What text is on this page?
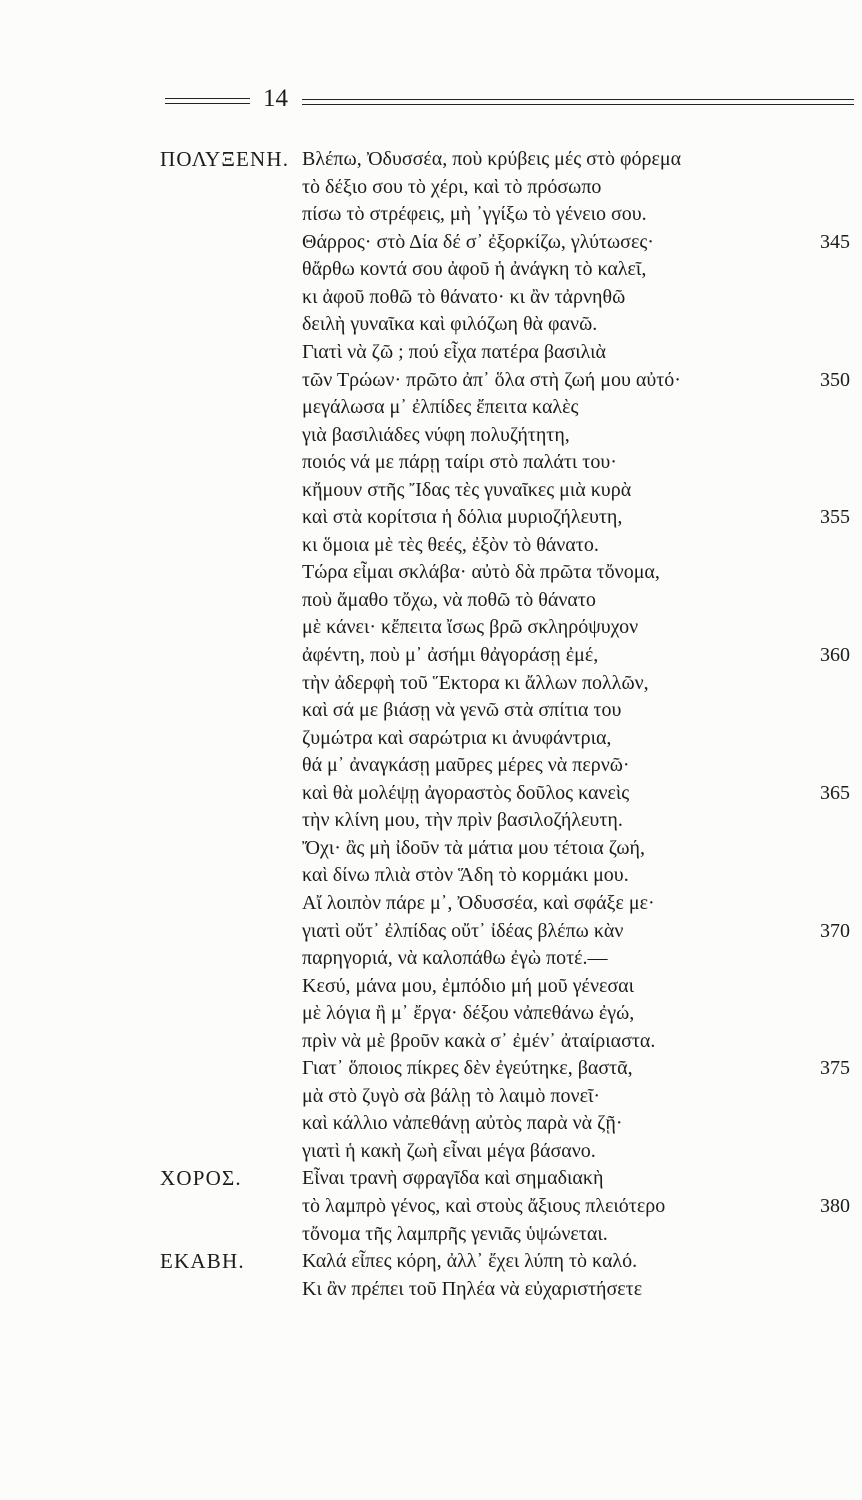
14
ΠΟΛΥΞΕΝΗ. Βλέπω, Ὀδυσσέα, ποὺ κρύβεις μές στὸ φόρεμα
τὸ δέξιο σου τὸ χέρι, καὶ τὸ πρόσωπο
πίσω τὸ στρέφεις, μὴ ᾽γγίξω τὸ γένειο σου.
Θάρρος· στὸ Δία δέ σ᾽ ἐξορκίζω, γλύτωσες·	345
θἄρθω κοντά σου ἀφοῦ ἡ ἀνάγκη τὸ καλεῖ,
κι ἀφοῦ ποθῶ τὸ θάνατο· κι ἂν τἀρνηθῶ
δειλὴ γυναῖκα καὶ φιλόζωη θὰ φανῶ.
Γιατὶ νὰ ζῶ ; πού εἶχα πατέρα βασιλιὰ
τῶν Τρώων· πρῶτο ἀπ᾽ ὅλα στὴ ζωή μου αὐτό·	350
μεγάλωσα μ᾽ ἐλπίδες ἔπειτα καλὲς
γιὰ βασιλιάδες νύφη πολυζήτητη,
ποιός νά με πάρῃ ταίρι στὸ παλάτι του·
κἤμουν στῆς Ἴδας τὲς γυναῖκες μιὰ κυρὰ
καὶ στὰ κορίτσια ἡ δόλια μυριοζήλευτη,	355
κι ὅμοια μὲ τὲς θεές, ἐξὸν τὸ θάνατο.
Τώρα εἶμαι σκλάβα· αὐτὸ δὰ πρῶτα τὄνομα,
ποὺ ἄμαθο τὄχω, νὰ ποθῶ τὸ θάνατο
μὲ κάνει· κἔπειτα ἴσως βρῶ σκληρόψυχον
ἀφέντη, ποὺ μ᾽ ἀσήμι θἀγοράσῃ ἐμέ,	360
τὴν ἀδερφὴ τοῦ Ἕκτορα κι ἄλλων πολλῶν,
καὶ σά με βιάσῃ νὰ γενῶ στὰ σπίτια του
ζυμώτρα καὶ σαρώτρια κι ἀνυφάντρια,
θά μ᾽ ἀναγκάσῃ μαῦρες μέρες νὰ περνῶ·
καὶ θὰ μολέψῃ ἀγοραστὸς δοῦλος κανεὶς	365
τὴν κλίνη μου, τὴν πρὶν βασιλοζήλευτη.
Ὄχι· ἂς μὴ ἰδοῦν τὰ μάτια μου τέτοια ζωή,
καὶ δίνω πλιὰ στὸν Ἅδη τὸ κορμάκι μου.
Αἴ λοιπὸν πάρε μ᾽, Ὀδυσσέα, καὶ σφάξε με·
γιατὶ οὔτ᾽ ἐλπίδας οὔτ᾽ ἰδέας βλέπω κὰν	370
παρηγοριά, νὰ καλοπάθω ἐγὼ ποτέ.—
Κεσύ, μάνα μου, ἐμπόδιο μή μοῦ γένεσαι
μὲ λόγια ἢ μ᾽ ἔργα· δέξου νἀπεθάνω ἐγώ,
πρὶν νὰ μὲ βροῦν κακὰ σ᾽ ἐμέν᾽ ἀταίριαστα.
Γιατ᾽ ὅποιος πίκρες δὲν ἐγεύτηκε, βαστᾶ,	375
μὰ στὸ ζυγὸ σὰ βάλῃ τὸ λαιμὸ πονεῖ·
καὶ κάλλιο νἀπεθάνῃ αὐτὸς παρὰ νὰ ζῇ·
γιατὶ ἡ κακὴ ζωὴ εἶναι μέγα βάσανο.
ΧΟΡΟΣ.	Εἶναι τρανὴ σφραγῖδα καὶ σημαδιακὴ
τὸ λαμπρὸ γένος, καὶ στοὺς ἄξιους πλειότερο	380
τὄνομα τῆς λαμπρῆς γενιᾶς ὑψώνεται.
ΕΚΑΒΗ.	Καλά εἶπες κόρη, ἀλλ᾽ ἔχει λύπη τὸ καλό.
Κι ἂν πρέπει τοῦ Πηλέα νὰ εὐχαριστήσετε
